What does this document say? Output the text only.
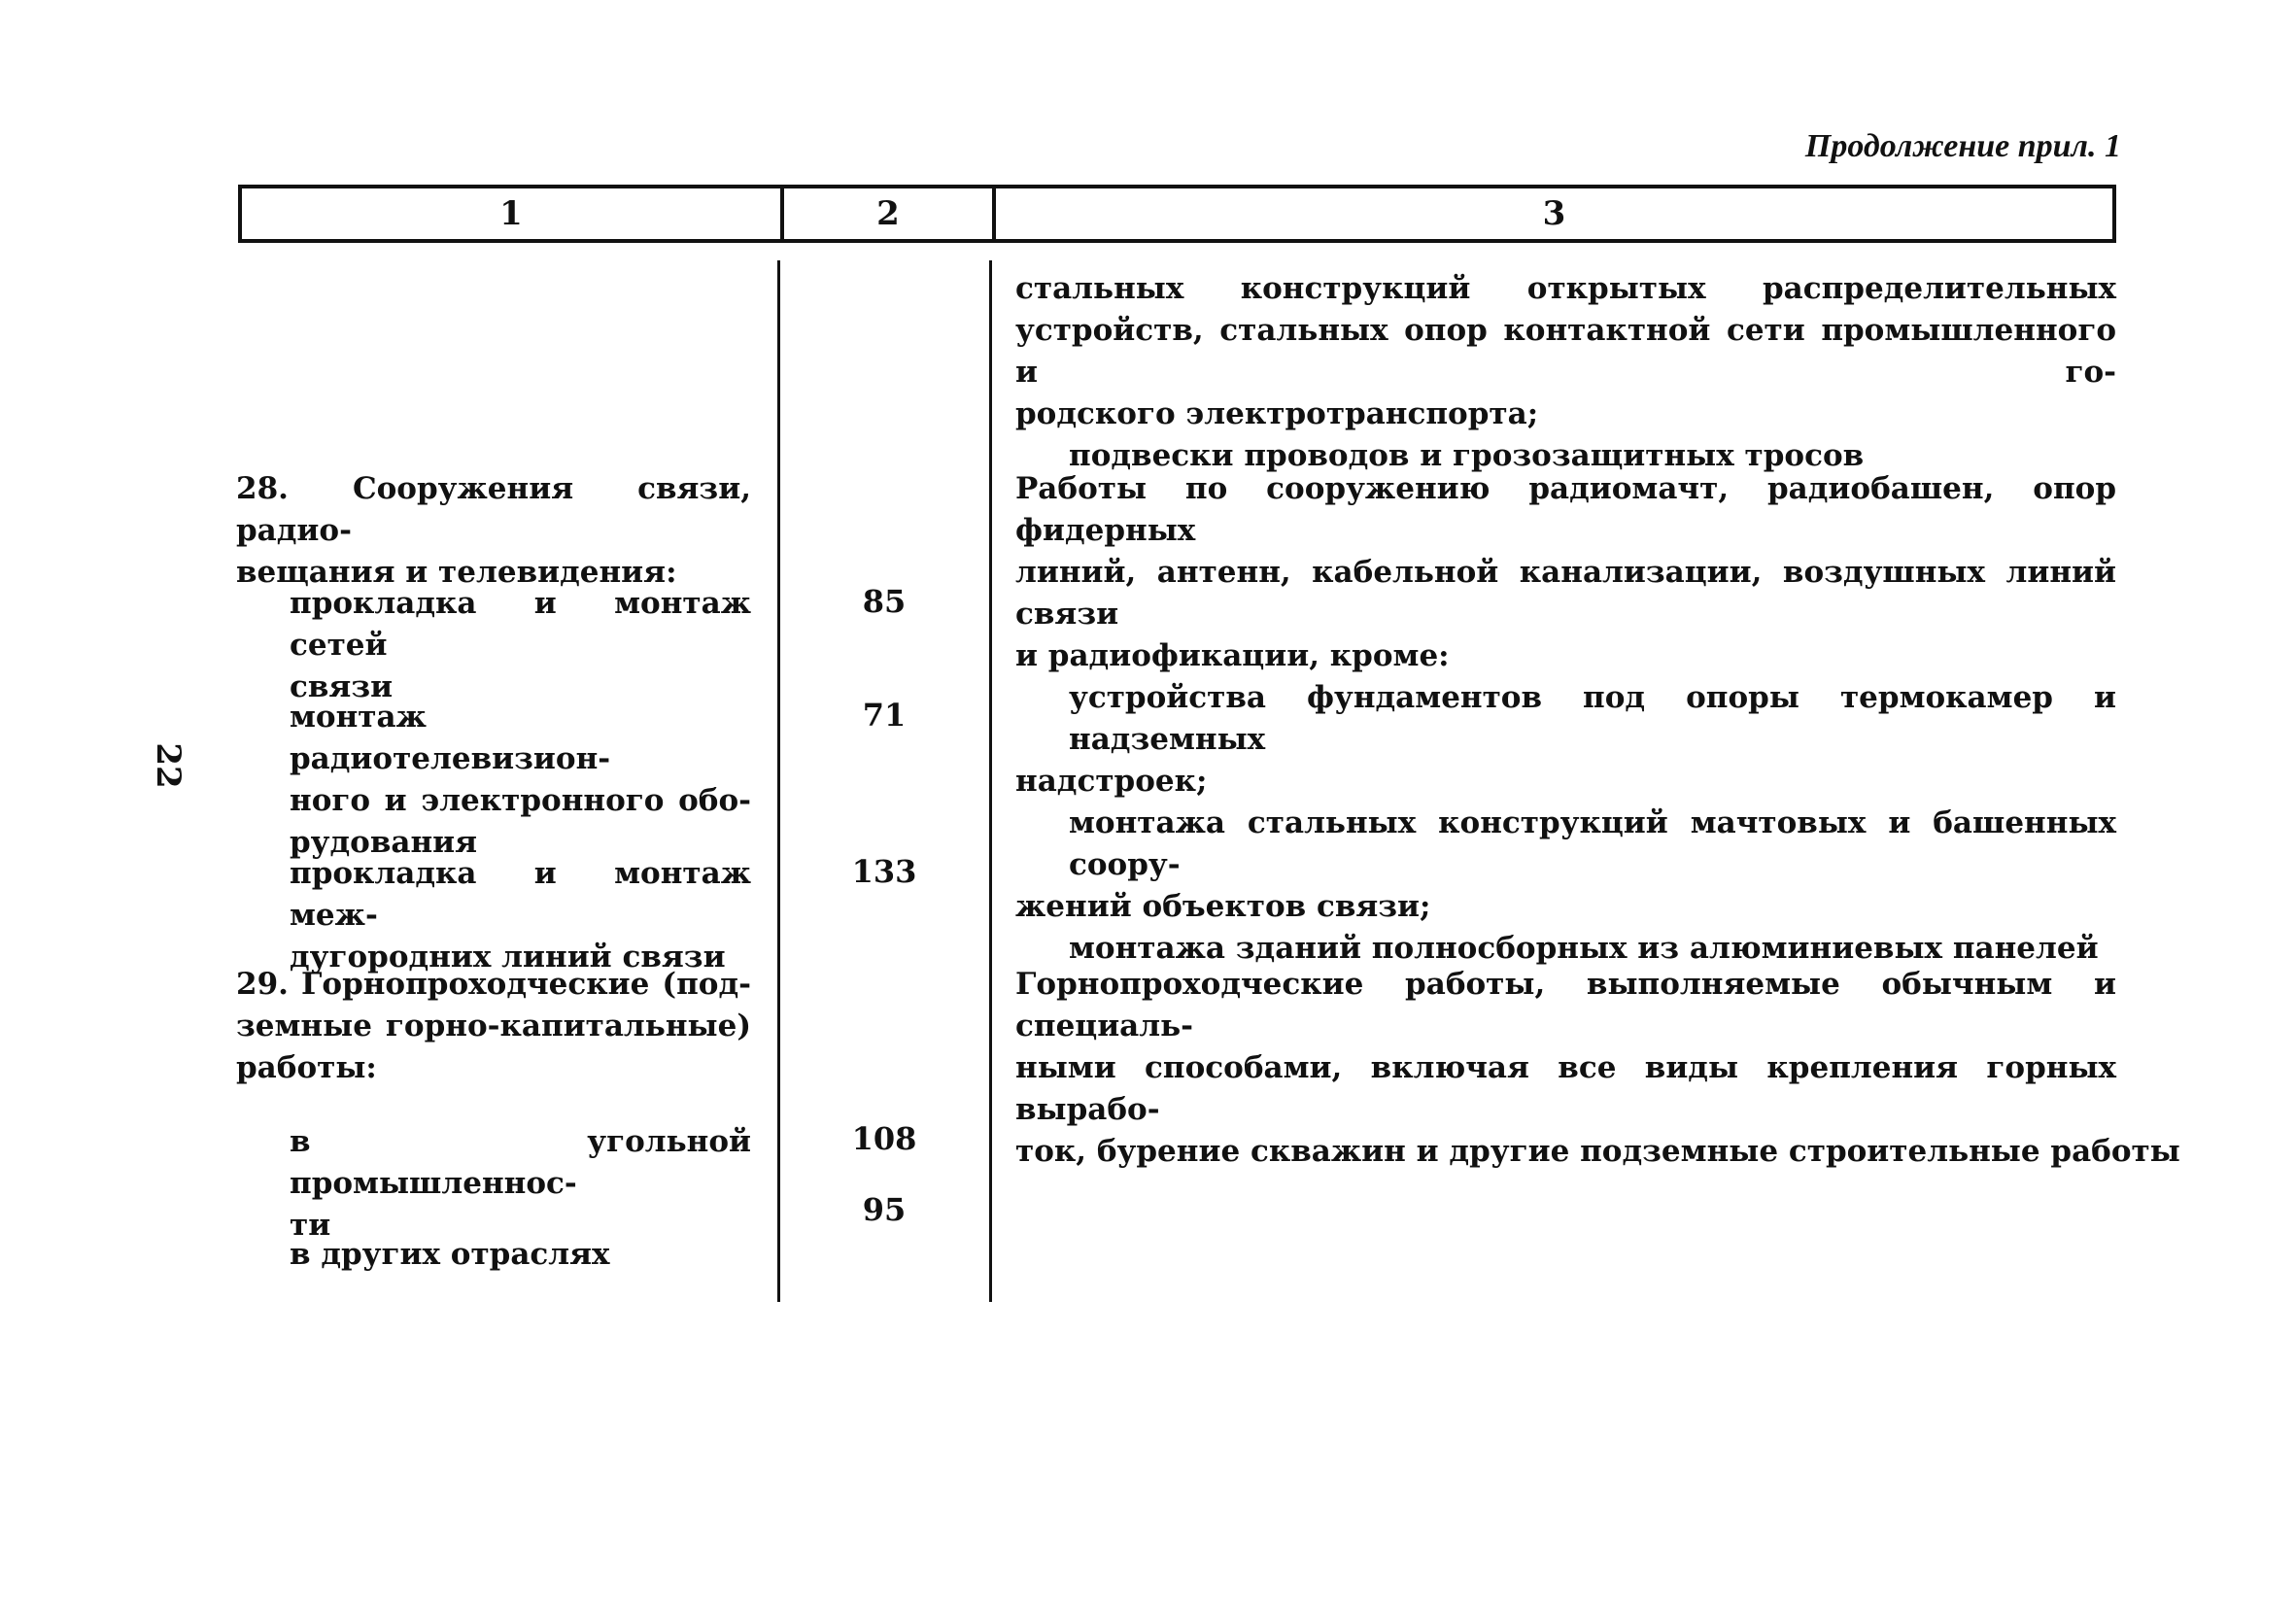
22
Продолжение прил. 1
1	2	3
стальных конструкций открытых распределительных
устройств, стальных опор контактной сети промышленного и го-
родского электротранспорта;
подвески проводов и грозозащитных тросов
28. Сооружения связи, радио-
вещания и телевидения:
прокладка и монтаж сетей
связи
85
монтаж радиотелевизион-
ного и электронного обо-
рудования
71
прокладка и монтаж меж-
дугородних линий связи
133
Работы по сооружению радиомачт, радиобашен, опор фидерных
линий, антенн, кабельной канализации, воздушных линий связи
и радиофикации, кроме:
устройства фундаментов под опоры термокамер и надземных
надстроек;
монтажа стальных конструкций мачтовых и башенных соору-
жений объектов связи;
монтажа зданий полносборных из алюминиевых панелей
29. Горнопроходческие (под-
земные горно-капитальные)
работы:
в угольной промышленнос-
ти
108
в других отраслях
95
Горнопроходческие работы, выполняемые обычным и специаль-
ными способами, включая все виды крепления горных вырабо-
ток, бурение скважин и другие подземные строительные работы
